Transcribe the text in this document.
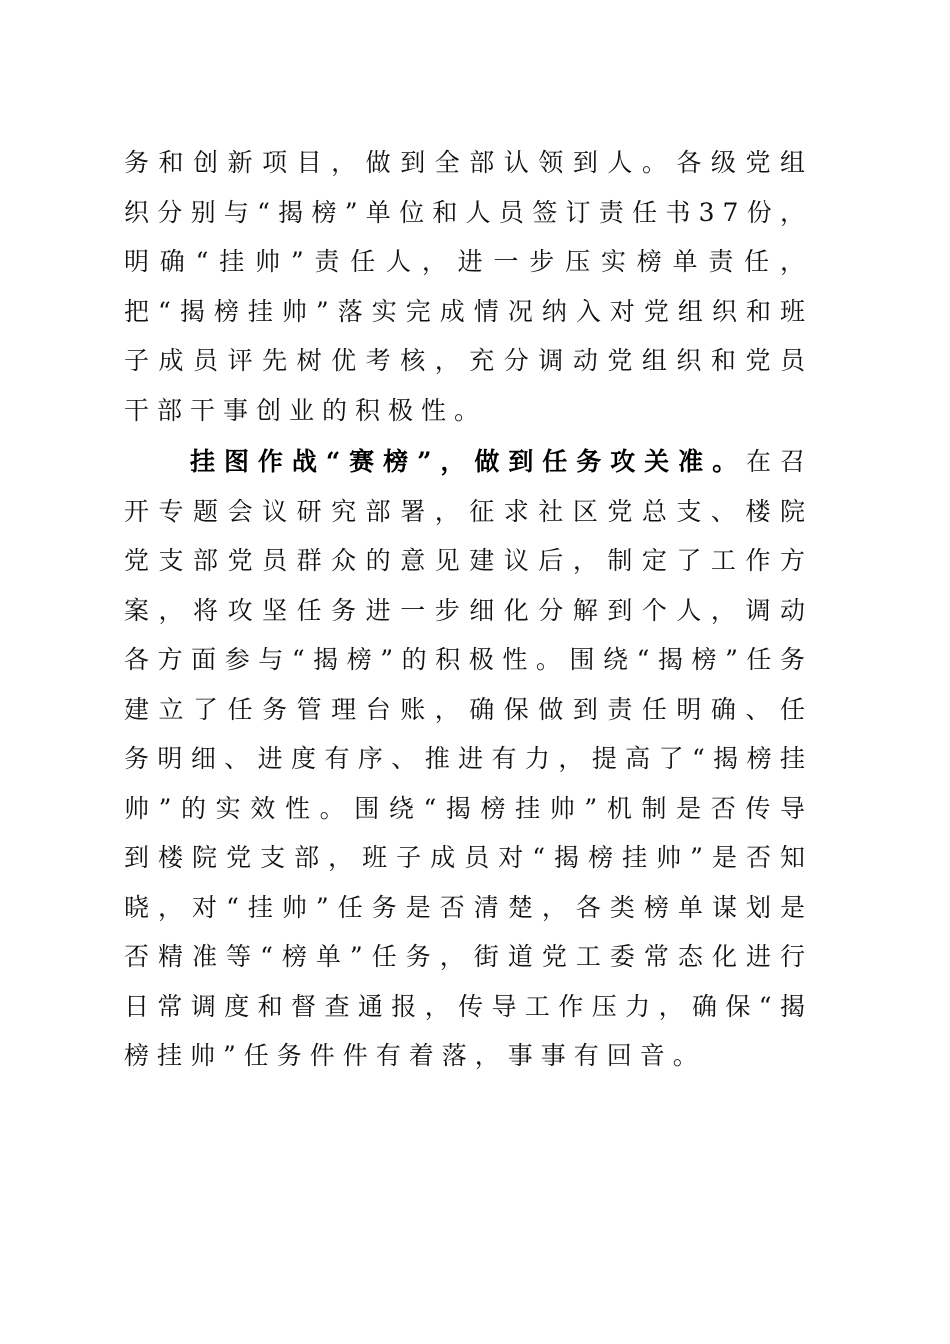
务和创新项目，做到全部认领到人。各级党组织分别与“揭榜”单位和人员签订责任书37份，明确“挂帅”责任人，进一步压实榜单责任，把“揭榜挂帅”落实完成情况纳入对党组织和班子成员评先树优考核，充分调动党组织和党员干部干事创业的积极性。

挂图作战“赛榜”，做到任务攻关准。在召开专题会议研究部署，征求社区党总支、楼院党支部党员群众的意见建议后，制定了工作方案，将攻坚任务进一步细化分解到个人，调动各方面参与“揭榜”的积极性。围绕“揭榜”任务建立了任务管理台账，确保做到责任明确、任务明细、进度有序、推进有力，提高了“揭榜挂帅”的实效性。围绕“揭榜挂帅”机制是否传导到楼院党支部，班子成员对“揭榜挂帅”是否知晓，对“挂帅”任务是否清楚，各类榜单谋划是否精准等“榜单”任务，街道党工委常态化进行日常调度和督查通报，传导工作压力，确保“揭榜挂帅”任务件件有着落，事事有回音。
